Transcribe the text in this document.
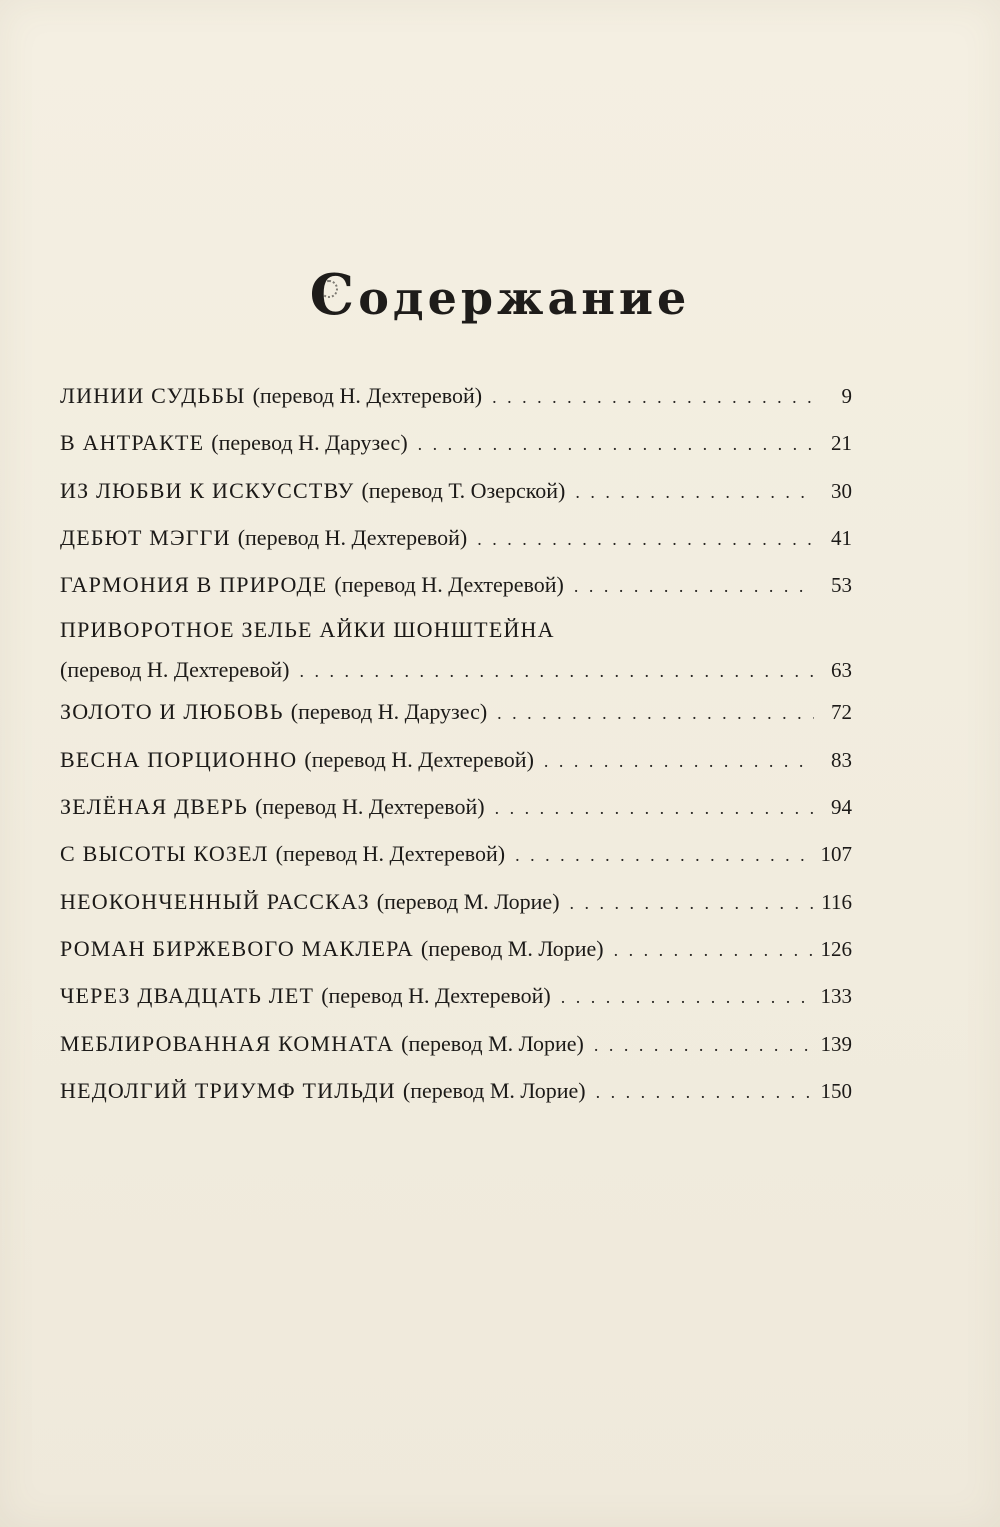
Содержание
ЛИНИИ СУДЬБЫ (перевод Н. Дехтеревой) . . .	9
В АНТРАКТЕ (перевод Н. Дарузес) . . .	21
ИЗ ЛЮБВИ К ИСКУССТВУ (перевод Т. Озерской) . . .	30
ДЕБЮТ МЭГГИ (перевод Н. Дехтеревой) . . .	41
ГАРМОНИЯ В ПРИРОДЕ (перевод Н. Дехтеревой) . . .	53
ПРИВОРОТНОЕ ЗЕЛЬЕ АЙКИ ШОНШТЕЙНА
(перевод Н. Дехтеревой) . . .	63
ЗОЛОТО И ЛЮБОВЬ (перевод Н. Дарузес) . . .	72
ВЕСНА ПОРЦИОННО (перевод Н. Дехтеревой) . . .	83
ЗЕЛЁНАЯ ДВЕРЬ (перевод Н. Дехтеревой) . . .	94
С ВЫСОТЫ КОЗЕЛ (перевод Н. Дехтеревой) . . .	107
НЕОКОНЧЕННЫЙ РАССКАЗ (перевод М. Лорие) . . .	116
РОМАН БИРЖЕВОГО МАКЛЕРА (перевод М. Лорие) . . .	126
ЧЕРЕЗ ДВАДЦАТЬ ЛЕТ (перевод Н. Дехтеревой) . . .	133
МЕБЛИРОВАННАЯ КОМНАТА (перевод М. Лорие) . . .	139
НЕДОЛГИЙ ТРИУМФ ТИЛЬДИ (перевод М. Лорие) . . .	150
